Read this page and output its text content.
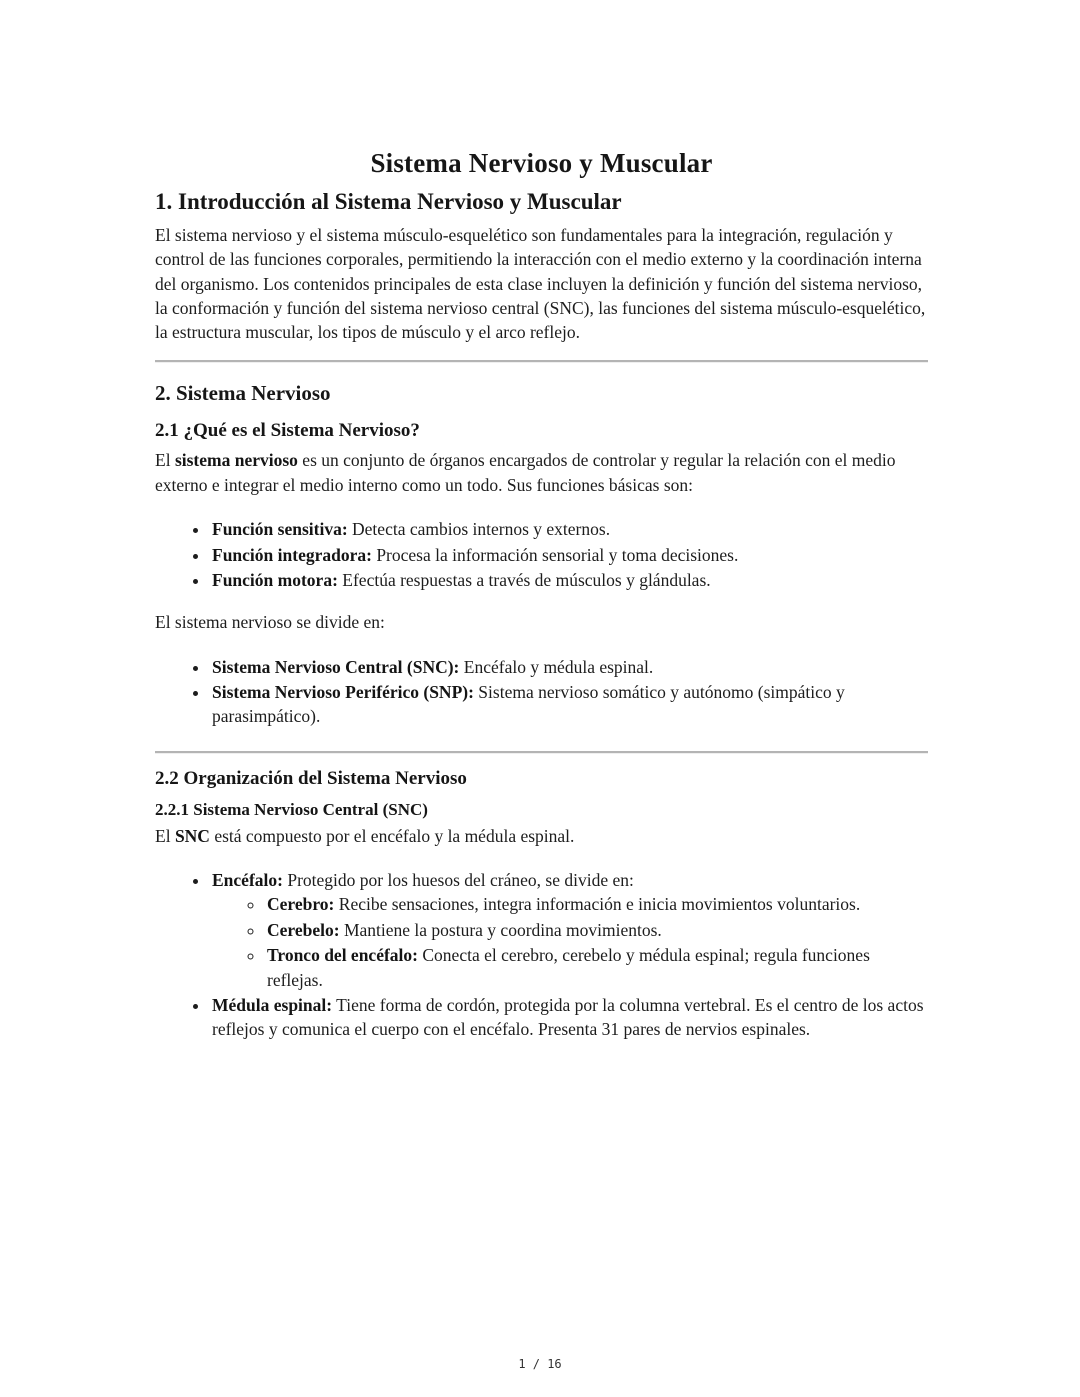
Sistema Nervioso y Muscular
1. Introducción al Sistema Nervioso y Muscular

El sistema nervioso y el sistema músculo-esquelético son fundamentales para la integración, regulación y control de las funciones corporales, permitiendo la interacción con el medio externo y la coordinación interna del organismo. Los contenidos principales de esta clase incluyen la definición y función del sistema nervioso, la conformación y función del sistema nervioso central (SNC), las funciones del sistema músculo-esquelético, la estructura muscular, los tipos de músculo y el arco reflejo.

2. Sistema Nervioso
2.1 ¿Qué es el Sistema Nervioso?

El sistema nervioso es un conjunto de órganos encargados de controlar y regular la relación con el medio externo e integrar el medio interno como un todo. Sus funciones básicas son:

• Función sensitiva: Detecta cambios internos y externos.
• Función integradora: Procesa la información sensorial y toma decisiones.
• Función motora: Efectúa respuestas a través de músculos y glándulas.

El sistema nervioso se divide en:

• Sistema Nervioso Central (SNC): Encéfalo y médula espinal.
• Sistema Nervioso Periférico (SNP): Sistema nervioso somático y autónomo (simpático y parasimpático).
2.2 Organización del Sistema Nervioso
2.2.1 Sistema Nervioso Central (SNC)

El SNC está compuesto por el encéfalo y la médula espinal.

• Encéfalo: Protegido por los huesos del cráneo, se divide en:
◦ Cerebro: Recibe sensaciones, integra información e inicia movimientos voluntarios.
◦ Cerebelo: Mantiene la postura y coordina movimientos.
◦ Tronco del encéfalo: Conecta el cerebro, cerebelo y médula espinal; regula funciones reflejas.
• Médula espinal: Tiene forma de cordón, protegida por la columna vertebral. Es el centro de los actos reflejos y comunica el cuerpo con el encéfalo. Presenta 31 pares de nervios espinales.
1 / 16
